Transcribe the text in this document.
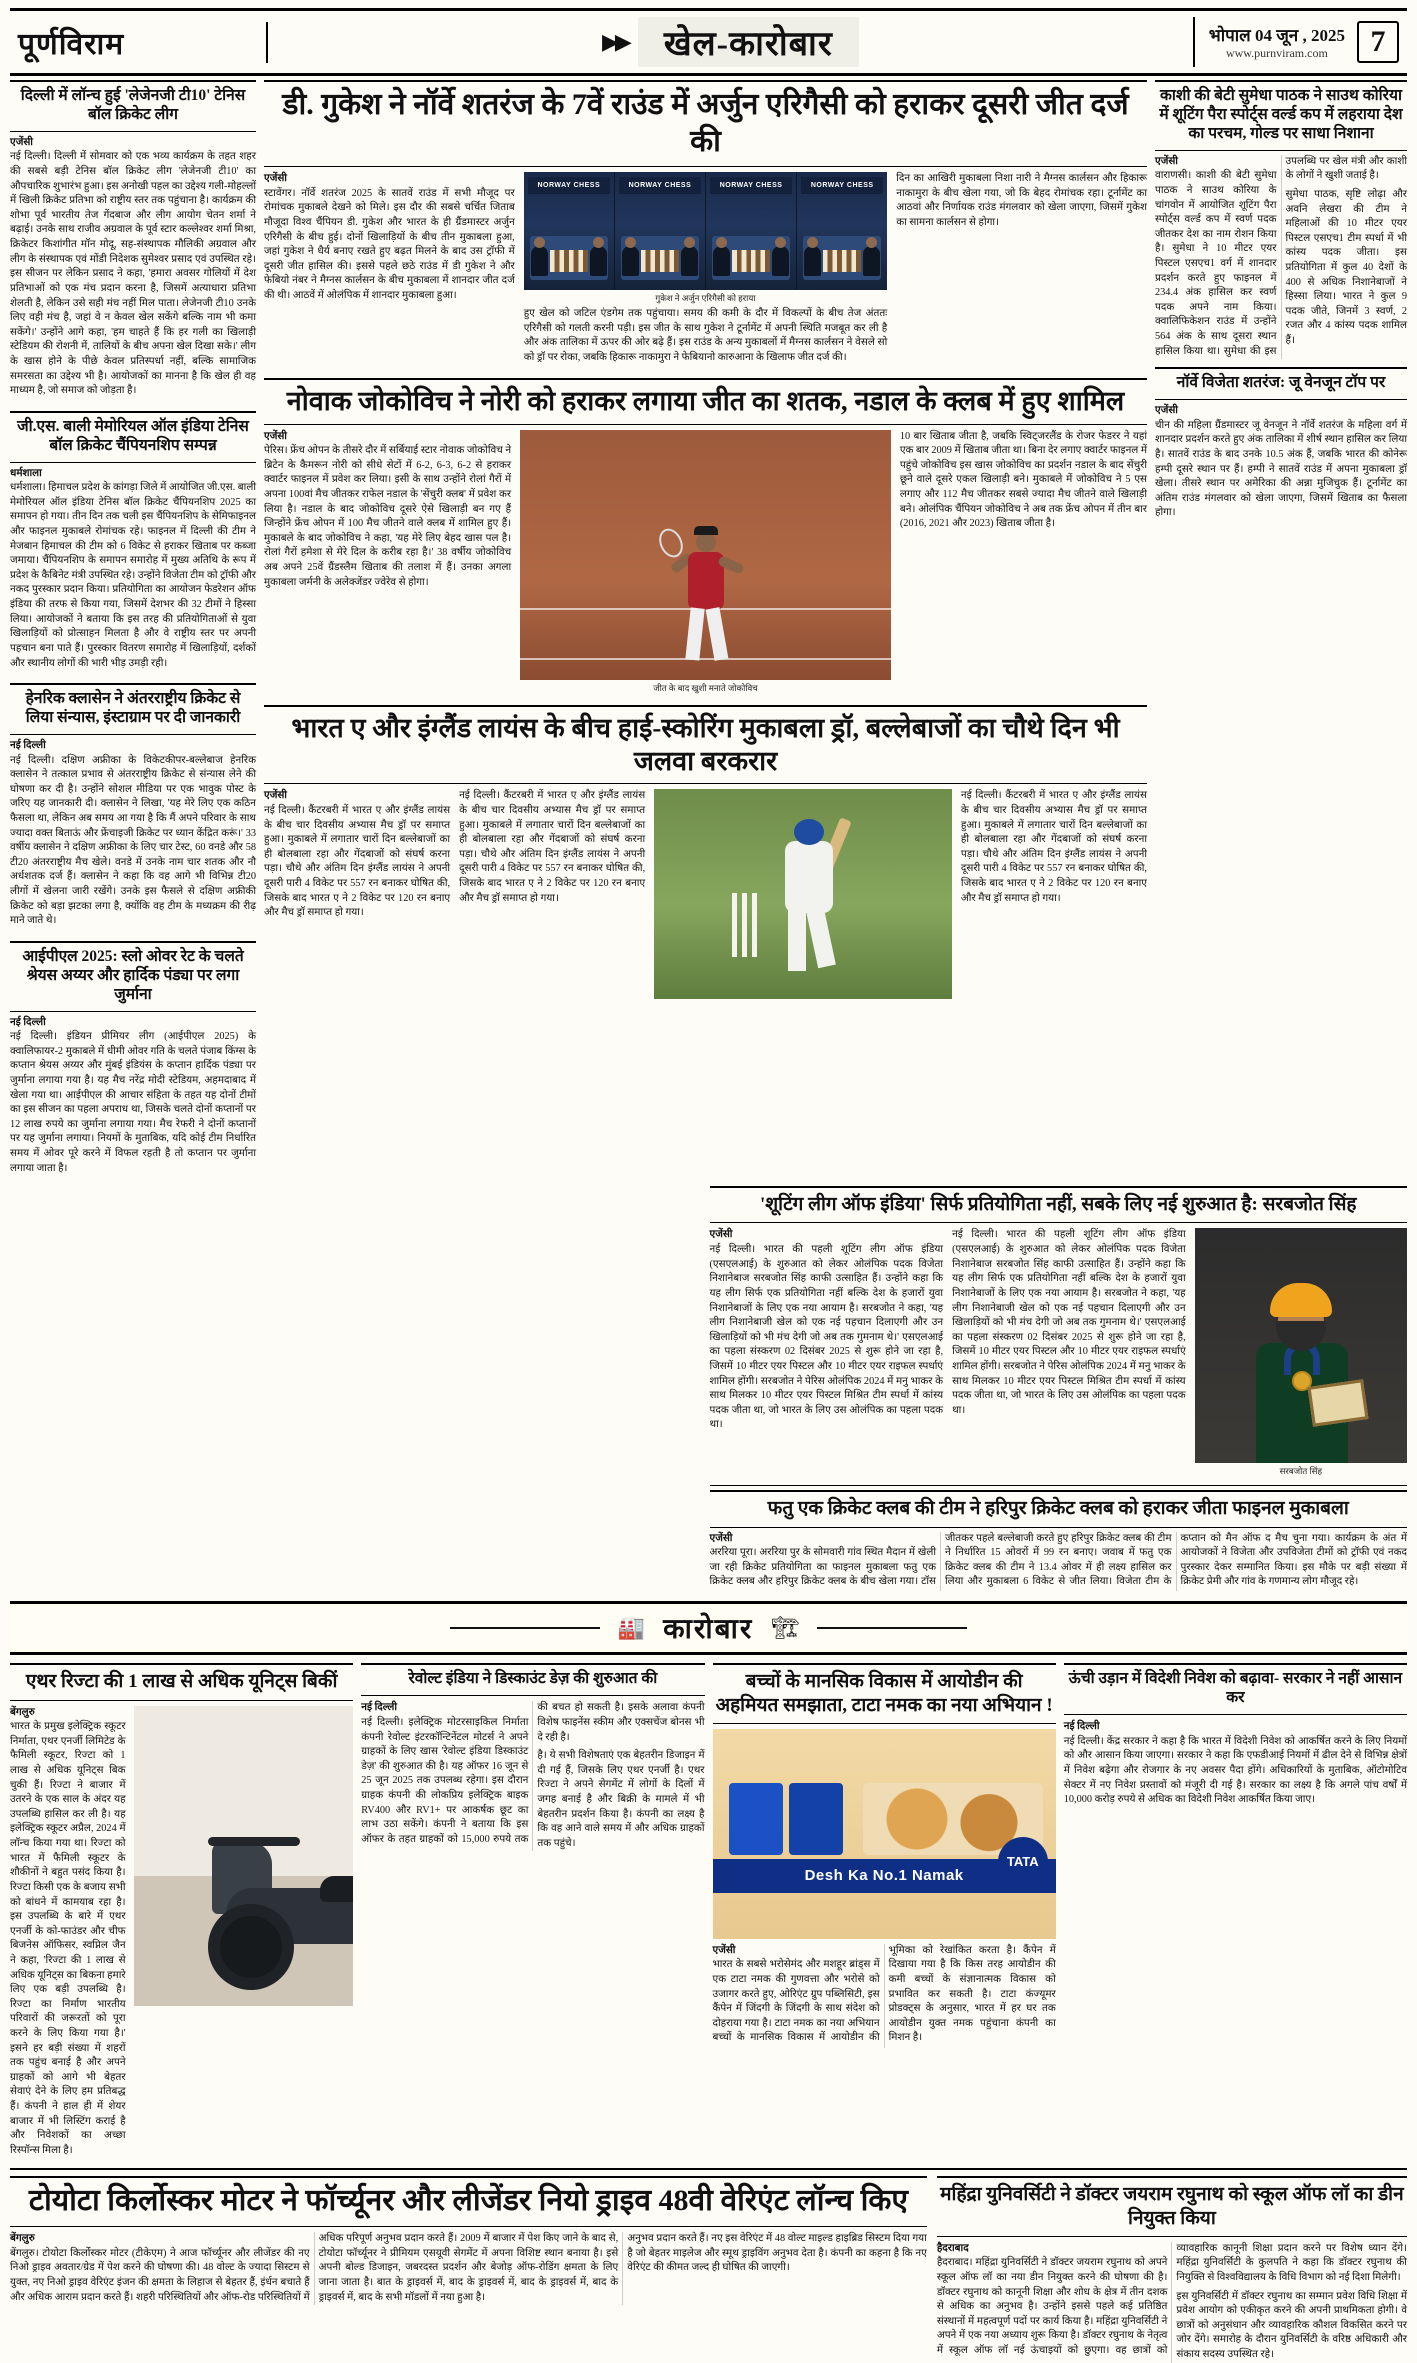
पूर्णविराम	▶▶	खेल-कारोबार	भोपाल 04 जून , 2025
www.purnviram.com	7
दिल्ली में लॉन्च हुई 'लेजेनजी टी10' टेनिस बॉल क्रिकेट लीग
एजेंसी

नई दिल्ली। दिल्ली में सोमवार को एक भव्य कार्यक्रम के तहत शहर की सबसे बड़ी टेनिस बॉल क्रिकेट लीग 'लेजेनजी टी10' का औपचारिक शुभारंभ हुआ। इस अनोखी पहल का उद्देश्य गली-मोहल्लों में खिली क्रिकेट प्रतिभा को राष्ट्रीय स्तर तक पहुंचाना है। कार्यक्रम की शोभा पूर्व भारतीय तेज गेंदबाज और लीग आयोग चेतन शर्मा ने बढ़ाई। उनके साथ राजीव अग्रवाल के पूर्व स्टार कल्लेश्वर शर्मा मिश्रा, क्रिकेटर किशांगीत मॉन मोदू, सह-संस्थापक मौलिकी अग्रवाल और लीग के संस्थापक एवं मोंडी निदेशक सुमेश्वर प्रसाद एवं उपस्थित रहे। इस सीजन पर लेकिन प्रसाद ने कहा, 'हमारा अवसर गोलियों में देश प्रतिभाओं को एक मंच प्रदान करना है, जिसमें अत्याधारा प्रतिभा शेलती है, लेकिन उसे सही मंच नहीं मिल पाता। लेजेनजी टी10 उनके लिए वही मंच है, जहां वे न केवल खेल सकेंगे बल्कि नाम भी कमा सकेंगे।' उन्होंने आगे कहा, 'हम चाहते हैं कि हर गली का खिलाड़ी स्टेडियम की रोशनी में, तालियों के बीच अपना खेल दिखा सके।' लीग के खास होने के पीछे केवल प्रतिस्पर्धा नहीं, बल्कि सामाजिक समरसता का उद्देश्य भी है। आयोजकों का मानना है कि खेल ही वह माध्यम है, जो समाज को जोड़ता है।

जी.एस. बाली मेमोरियल ऑल इंडिया टेनिस बॉल क्रिकेट चैंपियनशिप सम्पन्न
धर्मशाला

धर्मशाला। हिमाचल प्रदेश के कांगड़ा जिले में आयोजित जी.एस. बाली मेमोरियल ऑल इंडिया टेनिस बॉल क्रिकेट चैंपियनशिप 2025 का समापन हो गया। तीन दिन तक चली इस चैंपियनशिप के सेमिफाइनल और फाइनल मुकाबले रोमांचक रहे। फाइनल में दिल्ली की टीम ने मेजबान हिमाचल की टीम को 6 विकेट से हराकर खिताब पर कब्जा जमाया। चैंपियनशिप के समापन समारोह में मुख्य अतिथि के रूप में प्रदेश के कैबिनेट मंत्री उपस्थित रहे। उन्होंने विजेता टीम को ट्रॉफी और नकद पुरस्कार प्रदान किया। प्रतियोगिता का आयोजन फेडरेशन ऑफ इंडिया की तरफ से किया गया, जिसमें देशभर की 32 टीमों ने हिस्सा लिया। आयोजकों ने बताया कि इस तरह की प्रतियोगिताओं से युवा खिलाड़ियों को प्रोत्साहन मिलता है और वे राष्ट्रीय स्तर पर अपनी पहचान बना पाते हैं। पुरस्कार वितरण समारोह में खिलाड़ियों, दर्शकों और स्थानीय लोगों की भारी भीड़ उमड़ी रही।

हेनरिक क्लासेन ने अंतरराष्ट्रीय क्रिकेट से लिया संन्यास, इंस्टाग्राम पर दी जानकारी
नई दिल्ली

नई दिल्ली। दक्षिण अफ्रीका के विकेटकीपर-बल्लेबाज हेनरिक क्लासेन ने तत्काल प्रभाव से अंतरराष्ट्रीय क्रिकेट से संन्यास लेने की घोषणा कर दी है। उन्होंने सोशल मीडिया पर एक भावुक पोस्ट के जरिए यह जानकारी दी। क्लासेन ने लिखा, 'यह मेरे लिए एक कठिन फैसला था, लेकिन अब समय आ गया है कि मैं अपने परिवार के साथ ज्यादा वक्त बिताऊं और फ्रेंचाइजी क्रिकेट पर ध्यान केंद्रित करूं।' 33 वर्षीय क्लासेन ने दक्षिण अफ्रीका के लिए चार टेस्ट, 60 वनडे और 58 टी20 अंतरराष्ट्रीय मैच खेले। वनडे में उनके नाम चार शतक और नौ अर्धशतक दर्ज हैं। क्लासेन ने कहा कि वह आगे भी विभिन्न टी20 लीगों में खेलना जारी रखेंगे। उनके इस फैसले से दक्षिण अफ्रीकी क्रिकेट को बड़ा झटका लगा है, क्योंकि वह टीम के मध्यक्रम की रीढ़ माने जाते थे।

आईपीएल 2025: स्लो ओवर रेट के चलते श्रेयस अय्यर और हार्दिक पंड्या पर लगा जुर्माना
नई दिल्ली

नई दिल्ली। इंडियन प्रीमियर लीग (आईपीएल 2025) के क्वालिफायर-2 मुकाबले में धीमी ओवर गति के चलते पंजाब किंग्स के कप्तान श्रेयस अय्यर और मुंबई इंडियंस के कप्तान हार्दिक पंड्या पर जुर्माना लगाया गया है। यह मैच नरेंद्र मोदी स्टेडियम, अहमदाबाद में खेला गया था। आईपीएल की आचार संहिता के तहत यह दोनों टीमों का इस सीजन का पहला अपराध था, जिसके चलते दोनों कप्तानों पर 12 लाख रुपये का जुर्माना लगाया गया। मैच रेफरी ने दोनों कप्तानों पर यह जुर्माना लगाया। नियमों के मुताबिक, यदि कोई टीम निर्धारित समय में ओवर पूरे करने में विफल रहती है तो कप्तान पर जुर्माना लगाया जाता है।

डी. गुकेश ने नॉर्वे शतरंज के 7वें राउंड में अर्जुन एरिगैसी को हराकर दूसरी जीत दर्ज की
एजेंसी

स्टावेंगर। नॉर्वे शतरंज 2025 के सातवें राउंड में सभी मौजूद पर रोमांचक मुकाबले देखने को मिले। इस दौर की सबसे चर्चित जिताब मौजूदा विश्व चैंपियन डी. गुकेश और भारत के ही ग्रैंडमास्टर अर्जुन एरिगैसी के बीच हुई। दोनों खिलाड़ियों के बीच तीन मुकाबला हुआ, जहां गुकेश ने धैर्य बनाए रखते हुए बढ़त मिलने के बाद उस ट्रॉफी में दूसरी जीत हासिल की। इससे पहले छठे राउंड में डी गुकेश ने और फेबियो नंबर ने मैग्नस कार्लसन के बीच मुकाबला में शानदार जीत दर्ज की थी। आठवें में ओलंपिक में शानदार मुकाबला हुआ।

NORWAY CHESS	NORWAY CHESS	NORWAY CHESS	NORWAY CHESS
गुकेश ने अर्जुन एरिगैसी को हराया

हुए खेल को जटिल एंडगेम तक पहुंचाया। समय की कमी के दौर में विकल्पों के बीच तेज अंततः एरिगैसी को गलती करनी पड़ी। इस जीत के साथ गुकेश ने टूर्नामेंट में अपनी स्थिति मजबूत कर ली है और अंक तालिका में ऊपर की ओर बढ़े हैं। इस राउंड के अन्य मुकाबलों में मैग्नस कार्लसन ने वेसले सो को ड्रॉ पर रोका, जबकि हिकारू नाकामुरा ने फेबियानो कारुआना के खिलाफ जीत दर्ज की।

दिन का आखिरी मुकाबला निशा नारी ने मैग्नस कार्लसन और हिकारू नाकामुरा के बीच खेला गया, जो कि बेहद रोमांचक रहा। टूर्नामेंट का आठवां और निर्णायक राउंड मंगलवार को खेला जाएगा, जिसमें गुकेश का सामना कार्लसन से होगा।

नोवाक जोकोविच ने नोरी को हराकर लगाया जीत का शतक, नडाल के क्लब में हुए शामिल
एजेंसी

पेरिस। फ्रेंच ओपन के तीसरे दौर में सर्बियाई स्टार नोवाक जोकोविच ने ब्रिटेन के कैमरून नोरी को सीधे सेटों में 6-2, 6-3, 6-2 से हराकर क्वार्टर फाइनल में प्रवेश कर लिया। इसी के साथ उन्होंने रोलां गैरों में अपना 100वां मैच जीतकर राफेल नडाल के 'सेंचुरी क्लब' में प्रवेश कर लिया है। नडाल के बाद जोकोविच दूसरे ऐसे खिलाड़ी बन गए हैं जिन्होंने फ्रेंच ओपन में 100 मैच जीतने वाले क्लब में शामिल हुए हैं। मुकाबले के बाद जोकोविच ने कहा, 'यह मेरे लिए बेहद खास पल है। रोलां गैरों हमेशा से मेरे दिल के करीब रहा है।' 38 वर्षीय जोकोविच अब अपने 25वें ग्रैंडस्लैम खिताब की तलाश में हैं। उनका अगला मुकाबला जर्मनी के अलेक्जेंडर ज्वेरेव से होगा।

जीत के बाद खुशी मनाते जोकोविच

10 बार खिताब जीता है, जबकि स्विट्जरलैंड के रोजर फेडरर ने यहां एक बार 2009 में खिताब जीता था। बिना देर लगाए क्वार्टर फाइनल में पहुंचे जोकोविच इस खास जोकोविच का प्रदर्शन नडाल के बाद सेंचुरी छूने वाले दूसरे एकल खिलाड़ी बने। मुकाबले में जोकोविच ने 5 एस लगाए और 112 मैच जीतकर सबसे ज्यादा मैच जीतने वाले खिलाड़ी बने। ओलंपिक चैंपियन जोकोविच ने अब तक फ्रेंच ओपन में तीन बार (2016, 2021 और 2023) खिताब जीता है।

भारत ए और इंग्लैंड लायंस के बीच हाई-स्कोरिंग मुकाबला ड्रॉ, बल्लेबाजों का चौथे दिन भी जलवा बरकरार
एजेंसी

नई दिल्ली। कैंटरबरी में भारत ए और इंग्लैंड लायंस के बीच चार दिवसीय अभ्यास मैच ड्रॉ पर समाप्त हुआ। मुकाबले में लगातार चारों दिन बल्लेबाजों का ही बोलबाला रहा और गेंदबाजों को संघर्ष करना पड़ा। चौथे और अंतिम दिन इंग्लैंड लायंस ने अपनी दूसरी पारी 4 विकेट पर 557 रन बनाकर घोषित की, जिसके बाद भारत ए ने 2 विकेट पर 120 रन बनाए और मैच ड्रॉ समाप्त हो गया।

नई दिल्ली। कैंटरबरी में भारत ए और इंग्लैंड लायंस के बीच चार दिवसीय अभ्यास मैच ड्रॉ पर समाप्त हुआ। मुकाबले में लगातार चारों दिन बल्लेबाजों का ही बोलबाला रहा और गेंदबाजों को संघर्ष करना पड़ा। चौथे और अंतिम दिन इंग्लैंड लायंस ने अपनी दूसरी पारी 4 विकेट पर 557 रन बनाकर घोषित की, जिसके बाद भारत ए ने 2 विकेट पर 120 रन बनाए और मैच ड्रॉ समाप्त हो गया।

नई दिल्ली। कैंटरबरी में भारत ए और इंग्लैंड लायंस के बीच चार दिवसीय अभ्यास मैच ड्रॉ पर समाप्त हुआ। मुकाबले में लगातार चारों दिन बल्लेबाजों का ही बोलबाला रहा और गेंदबाजों को संघर्ष करना पड़ा। चौथे और अंतिम दिन इंग्लैंड लायंस ने अपनी दूसरी पारी 4 विकेट पर 557 रन बनाकर घोषित की, जिसके बाद भारत ए ने 2 विकेट पर 120 रन बनाए और मैच ड्रॉ समाप्त हो गया।

काशी की बेटी सुमेधा पाठक ने साउथ कोरिया में शूटिंग पैरा स्पोर्ट्स वर्ल्ड कप में लहराया देश का परचम, गोल्ड पर साधा निशाना
एजेंसी

वाराणसी। काशी की बेटी सुमेधा पाठक ने साउथ कोरिया के चांगवोन में आयोजित शूटिंग पैरा स्पोर्ट्स वर्ल्ड कप में स्वर्ण पदक जीतकर देश का नाम रोशन किया है। सुमेधा ने 10 मीटर एयर पिस्टल एसएच1 वर्ग में शानदार प्रदर्शन करते हुए फाइनल में 234.4 अंक हासिल कर स्वर्ण पदक अपने नाम किया। क्वालिफिकेशन राउंड में उन्होंने 564 अंक के साथ दूसरा स्थान हासिल किया था। सुमेधा की इस उपलब्धि पर खेल मंत्री और काशी के लोगों ने खुशी जताई है।

सुमेधा पाठक, सृष्टि लोढ़ा और अवनि लेखरा की टीम ने महिलाओं की 10 मीटर एयर पिस्टल एसएच1 टीम स्पर्धा में भी कांस्य पदक जीता। इस प्रतियोगिता में कुल 40 देशों के 400 से अधिक निशानेबाजों ने हिस्सा लिया। भारत ने कुल 9 पदक जीते, जिनमें 3 स्वर्ण, 2 रजत और 4 कांस्य पदक शामिल हैं।

नॉर्वे विजेता शतरंज: जू वेनजून टॉप पर
एजेंसी

चीन की महिला ग्रैंडमास्टर जू वेनजून ने नॉर्वे शतरंज के महिला वर्ग में शानदार प्रदर्शन करते हुए अंक तालिका में शीर्ष स्थान हासिल कर लिया है। सातवें राउंड के बाद उनके 10.5 अंक हैं, जबकि भारत की कोनेरू हम्पी दूसरे स्थान पर हैं। हम्पी ने सातवें राउंड में अपना मुकाबला ड्रॉ खेला। तीसरे स्थान पर अमेरिका की अन्ना मुजिचुक हैं। टूर्नामेंट का अंतिम राउंड मंगलवार को खेला जाएगा, जिसमें खिताब का फैसला होगा।

'शूटिंग लीग ऑफ इंडिया' सिर्फ प्रतियोगिता नहीं, सबके लिए नई शुरुआत है: सरबजोत सिंह
एजेंसी

नई दिल्ली। भारत की पहली शूटिंग लीग ऑफ इंडिया (एसएलआई) के शुरुआत को लेकर ओलंपिक पदक विजेता निशानेबाज सरबजोत सिंह काफी उत्साहित हैं। उन्होंने कहा कि यह लीग सिर्फ एक प्रतियोगिता नहीं बल्कि देश के हजारों युवा निशानेबाजों के लिए एक नया आयाम है। सरबजोत ने कहा, 'यह लीग निशानेबाजी खेल को एक नई पहचान दिलाएगी और उन खिलाड़ियों को भी मंच देगी जो अब तक गुमनाम थे।' एसएलआई का पहला संस्करण 02 दिसंबर 2025 से शुरू होने जा रहा है, जिसमें 10 मीटर एयर पिस्टल और 10 मीटर एयर राइफल स्पर्धाएं शामिल होंगी। सरबजोत ने पेरिस ओलंपिक 2024 में मनु भाकर के साथ मिलकर 10 मीटर एयर पिस्टल मिश्रित टीम स्पर्धा में कांस्य पदक जीता था, जो भारत के लिए उस ओलंपिक का पहला पदक था।

नई दिल्ली। भारत की पहली शूटिंग लीग ऑफ इंडिया (एसएलआई) के शुरुआत को लेकर ओलंपिक पदक विजेता निशानेबाज सरबजोत सिंह काफी उत्साहित हैं। उन्होंने कहा कि यह लीग सिर्फ एक प्रतियोगिता नहीं बल्कि देश के हजारों युवा निशानेबाजों के लिए एक नया आयाम है। सरबजोत ने कहा, 'यह लीग निशानेबाजी खेल को एक नई पहचान दिलाएगी और उन खिलाड़ियों को भी मंच देगी जो अब तक गुमनाम थे।' एसएलआई का पहला संस्करण 02 दिसंबर 2025 से शुरू होने जा रहा है, जिसमें 10 मीटर एयर पिस्टल और 10 मीटर एयर राइफल स्पर्धाएं शामिल होंगी। सरबजोत ने पेरिस ओलंपिक 2024 में मनु भाकर के साथ मिलकर 10 मीटर एयर पिस्टल मिश्रित टीम स्पर्धा में कांस्य पदक जीता था, जो भारत के लिए उस ओलंपिक का पहला पदक था।

सरबजोत सिंह
फतु एक क्रिकेट क्लब की टीम ने हरिपुर क्रिकेट क्लब को हराकर जीता फाइनल मुकाबला
एजेंसी

अररिया पूरा। अररिया पुर के सोमवारी गांव स्थित मैदान में खेली जा रही क्रिकेट प्रतियोगिता का फाइनल मुकाबला फतु एक क्रिकेट क्लब और हरिपुर क्रिकेट क्लब के बीच खेला गया। टॉस जीतकर पहले बल्लेबाजी करते हुए हरिपुर क्रिकेट क्लब की टीम ने निर्धारित 15 ओवरों में 99 रन बनाए। जवाब में फतु एक क्रिकेट क्लब की टीम ने 13.4 ओवर में ही लक्ष्य हासिल कर लिया और मुकाबला 6 विकेट से जीत लिया। विजेता टीम के कप्तान को मैन ऑफ द मैच चुना गया। कार्यक्रम के अंत में आयोजकों ने विजेता और उपविजेता टीमों को ट्रॉफी एवं नकद पुरस्कार देकर सम्मानित किया। इस मौके पर बड़ी संख्या में क्रिकेट प्रेमी और गांव के गणमान्य लोग मौजूद रहे।

🏭 कारोबार 🏗
एथर रिज्टा की 1 लाख से अधिक यूनिट्स बिकीं
बेंगलुरु

भारत के प्रमुख इलेक्ट्रिक स्कूटर निर्माता, एथर एनर्जी लिमिटेड के फैमिली स्कूटर, रिज्टा को 1 लाख से अधिक यूनिट्स बिक चुकी हैं। रिज्टा ने बाजार में उतरने के एक साल के अंदर यह उपलब्धि हासिल कर ली है। यह इलेक्ट्रिक स्कूटर अप्रैल, 2024 में लॉन्च किया गया था। रिज्टा को भारत में फैमिली स्कूटर के शौकीनों ने बहुत पसंद किया है। रिज्टा किसी एक के बजाय सभी को बांधने में कामयाब रहा है। इस उपलब्धि के बारे में एथर एनर्जी के को-फाउंडर और चीफ बिजनेस ऑफिसर, स्वप्निल जैन ने कहा, 'रिज्टा की 1 लाख से अधिक यूनिट्स का बिकना हमारे लिए एक बड़ी उपलब्धि है। रिज्टा का निर्माण भारतीय परिवारों की जरूरतों को पूरा करने के लिए किया गया है।' इसने हर बड़ी संख्या में शहरों तक पहुंच बनाई है और अपने ग्राहकों को आगे भी बेहतर सेवाएं देने के लिए हम प्रतिबद्ध हैं। कंपनी ने हाल ही में शेयर बाजार में भी लिस्टिंग कराई है और निवेशकों का अच्छा रिस्पॉन्स मिला है।

रेवोल्ट इंडिया ने डिस्काउंट डेज़ की शुरुआत की
नई दिल्ली

नई दिल्ली। इलेक्ट्रिक मोटरसाइकिल निर्माता कंपनी रेवोल्ट इंटरकॉन्टिनेंटल मोटर्स ने अपने ग्राहकों के लिए खास 'रेवोल्ट इंडिया डिस्काउंट डेज़' की शुरुआत की है। यह ऑफर 16 जून से 25 जून 2025 तक उपलब्ध रहेगा। इस दौरान ग्राहक कंपनी की लोकप्रिय इलेक्ट्रिक बाइक RV400 और RV1+ पर आकर्षक छूट का लाभ उठा सकेंगे। कंपनी ने बताया कि इस ऑफर के तहत ग्राहकों को 15,000 रुपये तक की बचत हो सकती है। इसके अलावा कंपनी विशेष फाइनेंस स्कीम और एक्सचेंज बोनस भी दे रही है।

है। ये सभी विशेषताएं एक बेहतरीन डिजाइन में दी गई हैं, जिसके लिए एथर एनर्जी है। एथर रिज्टा ने अपने सेगमेंट में लोगों के दिलों में जगह बनाई है और बिक्री के मामले में भी बेहतरीन प्रदर्शन किया है। कंपनी का लक्ष्य है कि वह आने वाले समय में और अधिक ग्राहकों तक पहुंचे।

बच्चों के मानसिक विकास में आयोडीन की अहमियत समझाता, टाटा नमक का नया अभियान !
Desh Ka No.1 Namak
TATA
एजेंसी

भारत के सबसे भरोसेमंद और मशहूर ब्रांड्स में एक टाटा नमक की गुणवत्ता और भरोसे को उजागर करते हुए, ओरिएंट ग्रुप पब्लिसिटी, इस कैंपेन में जिंदगी के जिंदगी के साथ संदेश को दोहराया गया है। टाटा नमक का नया अभियान बच्चों के मानसिक विकास में आयोडीन की भूमिका को रेखांकित करता है। कैंपेन में दिखाया गया है कि किस तरह आयोडीन की कमी बच्चों के संज्ञानात्मक विकास को प्रभावित कर सकती है। टाटा कंज्यूमर प्रोडक्ट्स के अनुसार, भारत में हर घर तक आयोडीन युक्त नमक पहुंचाना कंपनी का मिशन है।

ऊंची उड़ान में विदेशी निवेश को बढ़ावा- सरकार ने नहीं आसान कर
नई दिल्ली

नई दिल्ली। केंद्र सरकार ने कहा है कि भारत में विदेशी निवेश को आकर्षित करने के लिए नियमों को और आसान किया जाएगा। सरकार ने कहा कि एफडीआई नियमों में ढील देने से विभिन्न क्षेत्रों में निवेश बढ़ेगा और रोजगार के नए अवसर पैदा होंगे। अधिकारियों के मुताबिक, ऑटोमोटिव सेक्टर में नए निवेश प्रस्तावों को मंजूरी दी गई है। सरकार का लक्ष्य है कि अगले पांच वर्षों में 10,000 करोड़ रुपये से अधिक का विदेशी निवेश आकर्षित किया जाए।

टोयोटा किर्लोस्कर मोटर ने फॉर्च्यूनर और लीजेंडर नियो ड्राइव 48वी वेरिएंट लॉन्च किए
बेंगलुरु

बेंगलुरु। टोयोटा किर्लोस्कर मोटर (टीकेएम) ने आज फॉर्च्यूनर और लीजेंडर की नए निओ ड्राइव अवतार/ग्रेड में पेश करने की घोषणा की। 48 वोल्ट के ज्यादा सिस्टम से युक्त, नए निओ ड्राइव वेरिएंट इंजन की क्षमता के लिहाज से बेहतर हैं, इंर्धन बचाते हैं और अधिक आराम प्रदान करते हैं। शहरी परिस्थितियों और ऑफ-रोड परिस्थितियों में अधिक परिपूर्ण अनुभव प्रदान करते हैं। 2009 में बाजार में पेश किए जाने के बाद से, टोयोटा फॉर्च्यूनर ने प्रीमियम एसयूवी सेगमेंट में अपना विशिष्ट स्थान बनाया है। इसे अपनी बोल्ड डिजाइन, जबरदस्त प्रदर्शन और बेजोड़ ऑफ-रोडिंग क्षमता के लिए जाना जाता है। बात के ड्राइवर्स में, बाद के ड्राइवर्स में, बाद के ड्राइवर्स में, बाद के ड्राइवर्स में, बाद के सभी मॉडलों में नया हुआ है।

अनुभव प्रदान करते हैं। नए इस वेरिएंट में 48 वोल्ट माइल्ड हाइब्रिड सिस्टम दिया गया है जो बेहतर माइलेज और स्मूथ ड्राइविंग अनुभव देता है। कंपनी का कहना है कि नए वेरिएंट की कीमत जल्द ही घोषित की जाएगी।

महिंद्रा युनिवर्सिटी ने डॉक्टर जयराम रघुनाथ को स्कूल ऑफ लॉ का डीन नियुक्त किया
हैदराबाद

हैदराबाद। महिंद्रा युनिवर्सिटी ने डॉक्टर जयराम रघुनाथ को अपने स्कूल ऑफ लॉ का नया डीन नियुक्त करने की घोषणा की है। डॉक्टर रघुनाथ को कानूनी शिक्षा और शोध के क्षेत्र में तीन दशक से अधिक का अनुभव है। उन्होंने इससे पहले कई प्रतिष्ठित संस्थानों में महत्वपूर्ण पदों पर कार्य किया है। महिंद्रा युनिवर्सिटी ने अपने में एक नया अध्याय शुरू किया है। डॉक्टर रघुनाथ के नेतृत्व में स्कूल ऑफ लॉ नई ऊंचाइयों को छुएगा। वह छात्रों को व्यावहारिक कानूनी शिक्षा प्रदान करने पर विशेष ध्यान देंगे। महिंद्रा युनिवर्सिटी के कुलपति ने कहा कि डॉक्टर रघुनाथ की नियुक्ति से विश्वविद्यालय के विधि विभाग को नई दिशा मिलेगी।

इस युनिवर्सिटी में डॉक्टर रघुनाथ का सम्मान प्रवेश विधि शिक्षा में प्रवेश आयोग को एकीकृत करने की अपनी प्राथमिकता होगी। वे छात्रों को अनुसंधान और व्यावहारिक कौशल विकसित करने पर जोर देंगे। समारोह के दौरान युनिवर्सिटी के वरिष्ठ अधिकारी और संकाय सदस्य उपस्थित रहे।
